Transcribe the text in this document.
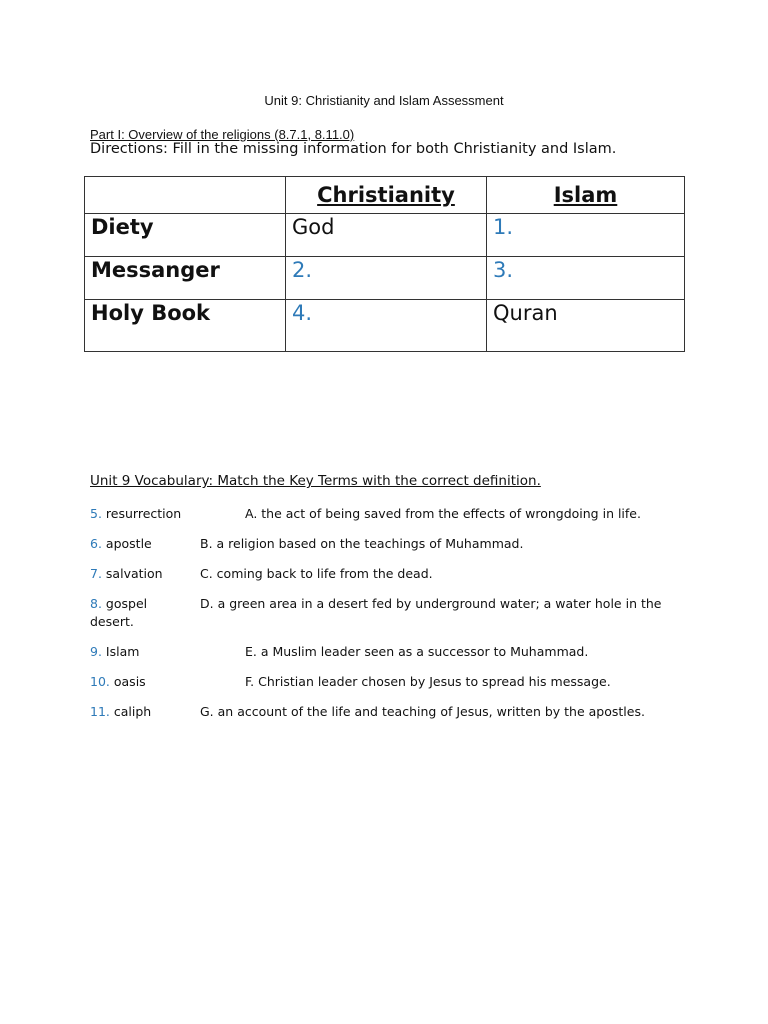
Unit 9: Christianity and Islam Assessment
Part I: Overview of the religions (8.7.1, 8.11.0)
Directions: Fill in the missing information for both Christianity and Islam.
	Christianity	Islam
Diety	God	1.
Messanger	2.	3.
Holy Book	4.	Quran
Unit 9 Vocabulary: Match the Key Terms with the correct definition.
5. resurrection	A. the act of being saved from the effects of wrongdoing in life.
6. apostle	B. a religion based on the teachings of Muhammad.
7. salvation	C. coming back to life from the dead.
8. gospel	D. a green area in a desert fed by underground water; a water hole in the
desert.
9. Islam	E. a Muslim leader seen as a successor to Muhammad.
10. oasis	F. Christian leader chosen by Jesus to spread his message.
11. caliph	G. an account of the life and teaching of Jesus, written by the apostles.
